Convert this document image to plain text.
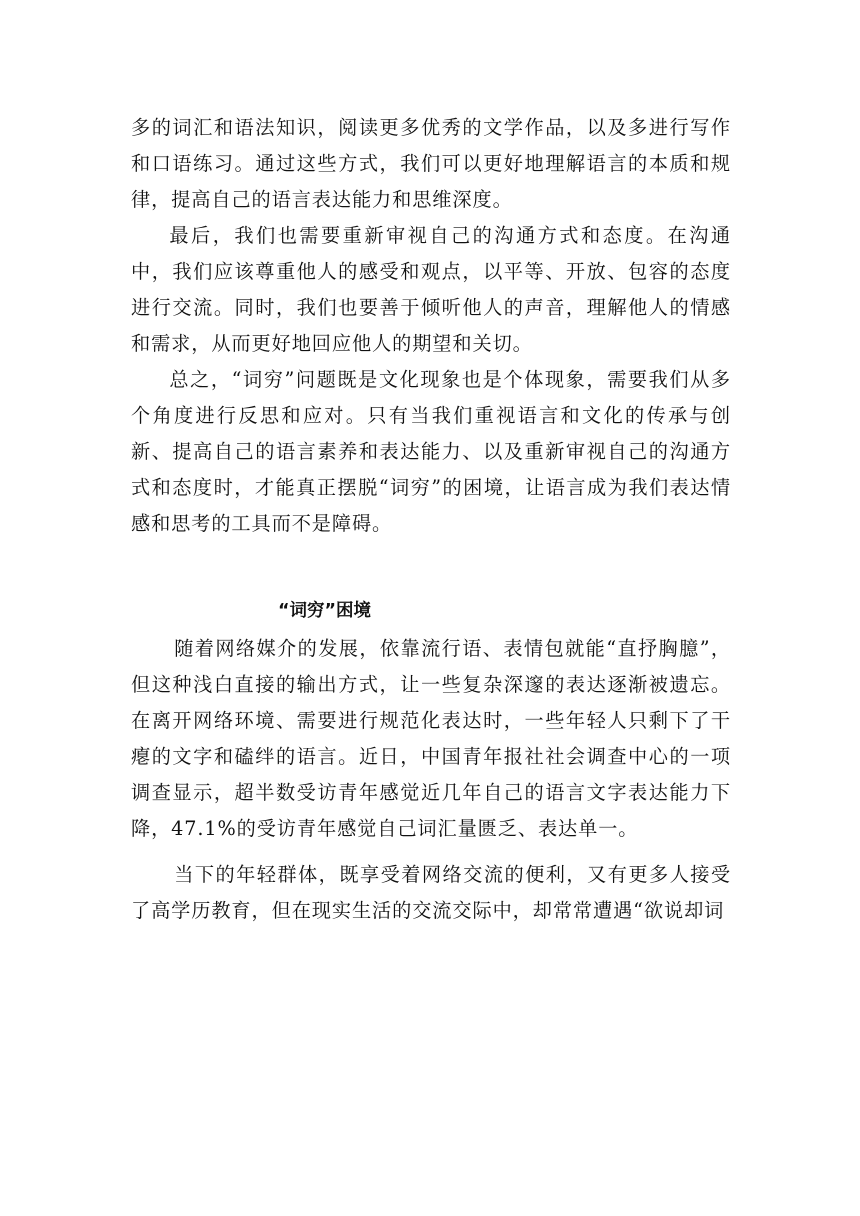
多的词汇和语法知识，阅读更多优秀的文学作品，以及多进行写作和口语练习。通过这些方式，我们可以更好地理解语言的本质和规律，提高自己的语言表达能力和思维深度。

最后，我们也需要重新审视自己的沟通方式和态度。在沟通中，我们应该尊重他人的感受和观点，以平等、开放、包容的态度进行交流。同时，我们也要善于倾听他人的声音，理解他人的情感和需求，从而更好地回应他人的期望和关切。

总之，“词穷”问题既是文化现象也是个体现象，需要我们从多个角度进行反思和应对。只有当我们重视语言和文化的传承与创新、提高自己的语言素养和表达能力、以及重新审视自己的沟通方式和态度时，才能真正摆脱“词穷”的困境，让语言成为我们表达情感和思考的工具而不是障碍。

“词穷”困境

随着网络媒介的发展，依靠流行语、表情包就能“直抒胸臆”，但这种浅白直接的输出方式，让一些复杂深邃的表达逐渐被遗忘。在离开网络环境、需要进行规范化表达时，一些年轻人只剩下了干瘪的文字和磕绊的语言。近日，中国青年报社社会调查中心的一项调查显示，超半数受访青年感觉近几年自己的语言文字表达能力下降，47.1%的受访青年感觉自己词汇量匮乏、表达单一。

当下的年轻群体，既享受着网络交流的便利，又有更多人接受了高学历教育，但在现实生活的交流交际中，却常常遭遇“欲说却词
